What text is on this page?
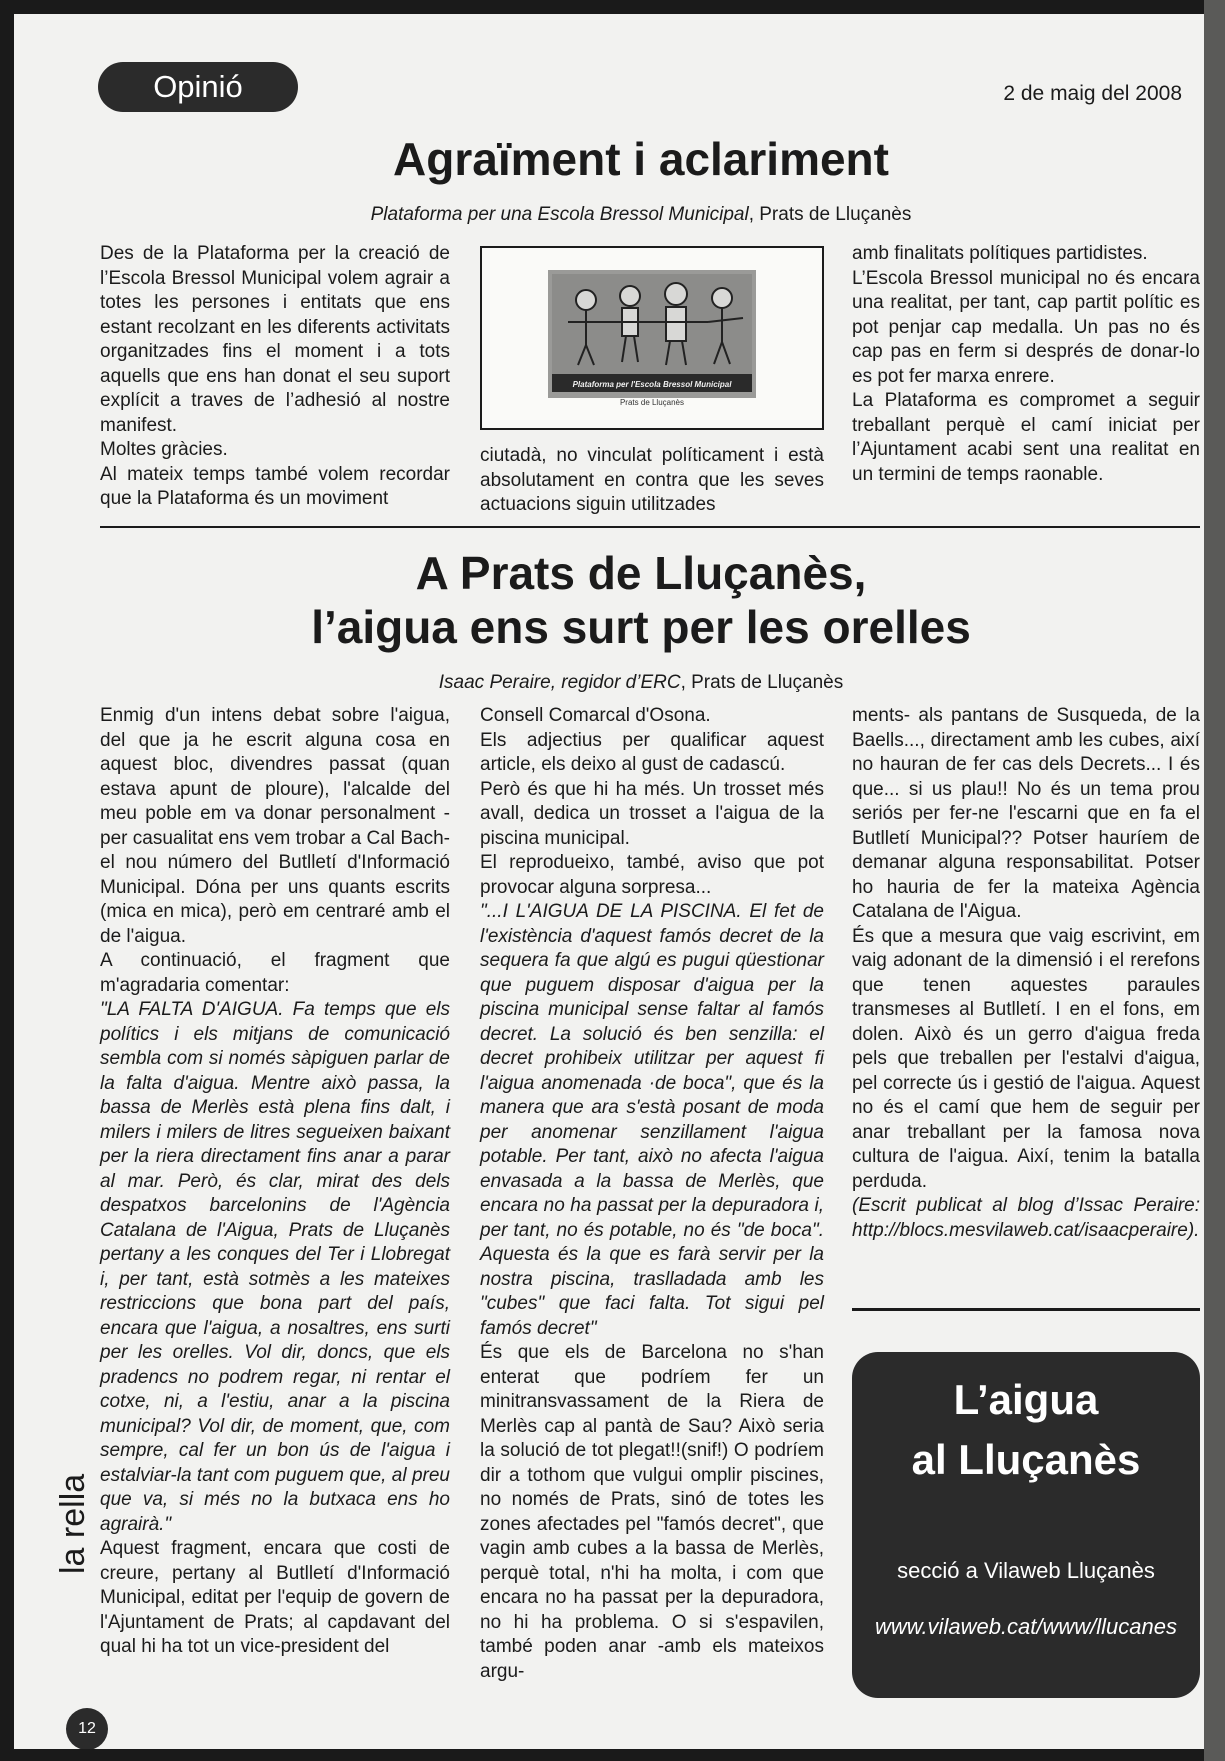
Opinió	2 de maig del 2008
Agraïment i aclariment
Plataforma per una Escola Bressol Municipal, Prats de Lluçanès

Des de la Plataforma per la creació de l’Escola Bressol Municipal volem agrair a totes les persones i entitats que ens estant recolzant en les diferents activitats organitzades fins el moment i a tots aquells que ens han donat el seu suport explícit a traves de l’adhesió al nostre manifest.

Moltes gràcies.

Al mateix temps també volem recordar que la Plataforma és un moviment

Plataforma per l'Escola Bressol Municipal
Prats de Lluçanès

ciutadà, no vinculat políticament i està absolutament en contra que les seves actuacions siguin utilitzades

amb finalitats polítiques partidistes.

L’Escola Bressol municipal no és encara una realitat, per tant, cap partit polític es pot penjar cap medalla. Un pas no és cap pas en ferm si després de donar-lo es pot fer marxa enrere.

La Plataforma es compromet a seguir treballant perquè el camí iniciat per l’Ajuntament acabi sent una realitat en un termini de temps raonable.

A Prats de Lluçanès,
l’aigua ens surt per les orelles
Isaac Peraire, regidor d’ERC, Prats de Lluçanès

Enmig d'un intens debat sobre l'aigua, del que ja he escrit alguna cosa en aquest bloc, divendres passat (quan estava apunt de ploure), l'alcalde del meu poble em va donar personalment - per casualitat ens vem trobar a Cal Bach- el nou número del Butlletí d'Informació Municipal. Dóna per uns quants escrits (mica en mica), però em centraré amb el de l'aigua.

A continuació, el fragment que m'agradaria comentar:

"LA FALTA D'AIGUA. Fa temps que els polítics i els mitjans de comunicació sembla com si només sàpiguen parlar de la falta d'aigua. Mentre això passa, la bassa de Merlès està plena fins dalt, i milers i milers de litres segueixen baixant per la riera directament fins anar a parar al mar. Però, és clar, mirat des dels despatxos barcelonins de l'Agència Catalana de l'Aigua, Prats de Lluçanès pertany a les conques del Ter i Llobregat i, per tant, està sotmès a les mateixes restriccions que bona part del país, encara que l'aigua, a nosaltres, ens surti per les orelles. Vol dir, doncs, que els pradencs no podrem regar, ni rentar el cotxe, ni, a l'estiu, anar a la piscina municipal? Vol dir, de moment, que, com sempre, cal fer un bon ús de l'aigua i estalviar-la tant com puguem que, al preu que va, si més no la butxaca ens ho agrairà."

Aquest fragment, encara que costi de creure, pertany al Butlletí d'Informació Municipal, editat per l'equip de govern de l'Ajuntament de Prats; al capdavant del qual hi ha tot un vice-president del

Consell Comarcal d'Osona.

Els adjectius per qualificar aquest article, els deixo al gust de cadascú.

Però és que hi ha més. Un trosset més avall, dedica un trosset a l'aigua de la piscina municipal.

El reprodueixo, també, aviso que pot provocar alguna sorpresa...

"...I L'AIGUA DE LA PISCINA. El fet de l'existència d'aquest famós decret de la sequera fa que algú es pugui qüestionar que puguem disposar d'aigua per la piscina municipal sense faltar al famós decret. La solució és ben senzilla: el decret prohibeix utilitzar per aquest fi l'aigua anomenada ·de boca", que és la manera que ara s'està posant de moda per anomenar senzillament l'aigua potable. Per tant, això no afecta l'aigua envasada a la bassa de Merlès, que encara no ha passat per la depuradora i, per tant, no és potable, no és "de boca". Aquesta és la que es farà servir per la nostra piscina, traslladada amb les "cubes" que faci falta. Tot sigui pel famós decret"

És que els de Barcelona no s'han enterat que podríem fer un minitransvassament de la Riera de Merlès cap al pantà de Sau? Això seria la solució de tot plegat!!(snif!) O podríem dir a tothom que vulgui omplir piscines, no només de Prats, sinó de totes les zones afectades pel "famós decret", que vagin amb cubes a la bassa de Merlès, perquè total, n'hi ha molta, i com que encara no ha passat per la depuradora, no hi ha problema. O si s'espavilen, també poden anar -amb els mateixos argu-

ments- als pantans de Susqueda, de la Baells..., directament amb les cubes, així no hauran de fer cas dels Decrets... I és que... si us plau!! No és un tema prou seriós per fer-ne l'escarni que en fa el Butlletí Municipal?? Potser hauríem de demanar alguna responsabilitat. Potser ho hauria de fer la mateixa Agència Catalana de l'Aigua.

És que a mesura que vaig escrivint, em vaig adonant de la dimensió i el rerefons que tenen aquestes paraules transmeses al Butlletí. I en el fons, em dolen. Això és un gerro d'aigua freda pels que treballen per l'estalvi d'aigua, pel correcte ús i gestió de l'aigua. Aquest no és el camí que hem de seguir per anar treballant per la famosa nova cultura de l'aigua. Així, tenim la batalla perduda.

(Escrit publicat al blog d’Issac Peraire: http://blocs.mesvilaweb.cat/isaacperaire).

L’aigua
al Lluçanès
secció a Vilaweb Lluçanès
www.vilaweb.cat/www/llucanes
la rella
12
